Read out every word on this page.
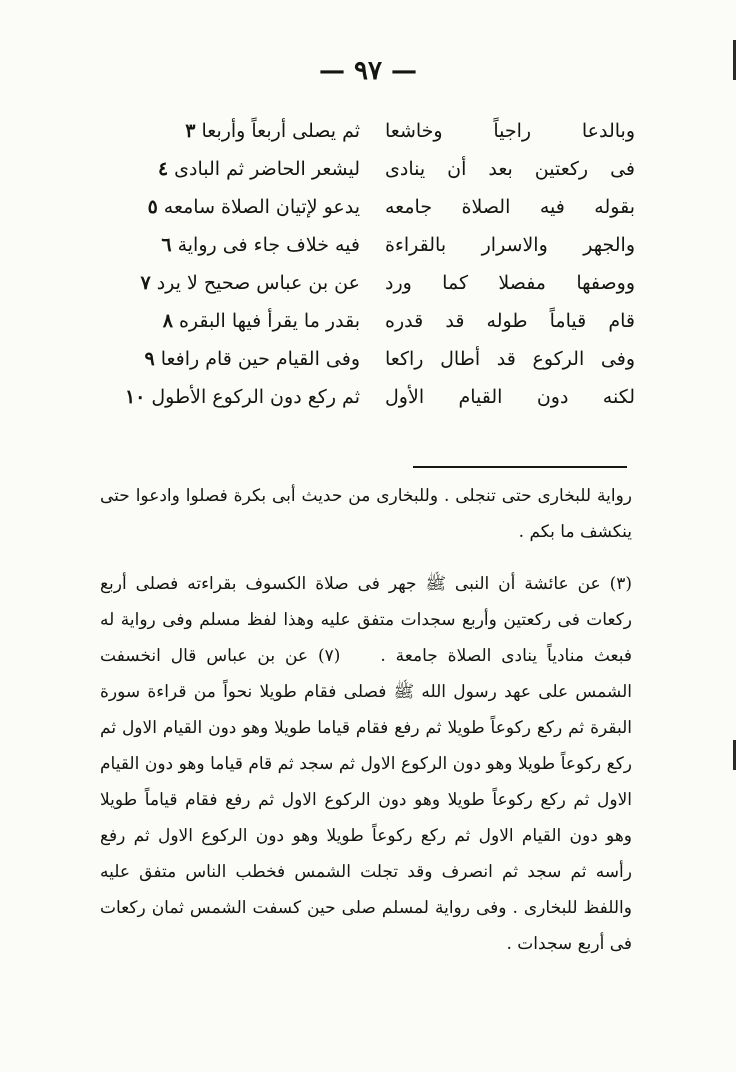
— ٩٧ —
وبالدعا راجياً وخاشعا
فى ركعتين بعد أن ينادى
بقوله فيه الصلاة جامعه
والجهر والاسرار بالقراءة
ووصفها مفصلا كما ورد
قام قياماً طوله قد قدره
وفى الركوع قد أطال راكعا
لكنه دون القيام الأول
ثم يصلى أربعاً وأربعا٣
ليشعر الحاضر ثم البادى٤
يدعو لإتيان الصلاة سامعه٥
فيه خلاف جاء فى رواية٦
عن بن عباس صحيح لا يرد٧
بقدر ما يقرأ فيها البقره٨
وفى القيام حين قام رافعا٩
ثم ركع دون الركوع الأطول١٠

رواية للبخارى حتى تنجلى . وللبخارى من حديث أبى بكرة فصلوا وادعوا حتى ينكشف ما بكم .

(٣) عن عائشة أن النبى ﷺ جهر فى صلاة الكسوف بقراءته فصلى أربع ركعات فى ركعتين وأربع سجدات متفق عليه وهذا لفظ مسلم وفى رواية له فبعث منادياً ينادى الصلاة جامعة .(٧) عن بن عباس قال انخسفت الشمس على عهد رسول الله ﷺ فصلى فقام طويلا نحواً من قراءة سورة البقرة ثم ركع ركوعاً طويلا ثم رفع فقام قياما طويلا وهو دون القيام الاول ثم ركع ركوعاً طويلا وهو دون الركوع الاول ثم سجد ثم قام قياما وهو دون القيام الاول ثم ركع ركوعاً طويلا وهو دون الركوع الاول ثم رفع فقام قياماً طويلا وهو دون القيام الاول ثم ركع ركوعاً طويلا وهو دون الركوع الاول ثم رفع رأسه ثم سجد ثم انصرف وقد تجلت الشمس فخطب الناس متفق عليه واللفظ للبخارى . وفى رواية لمسلم صلى حين كسفت الشمس ثمان ركعات فى أربع سجدات .
